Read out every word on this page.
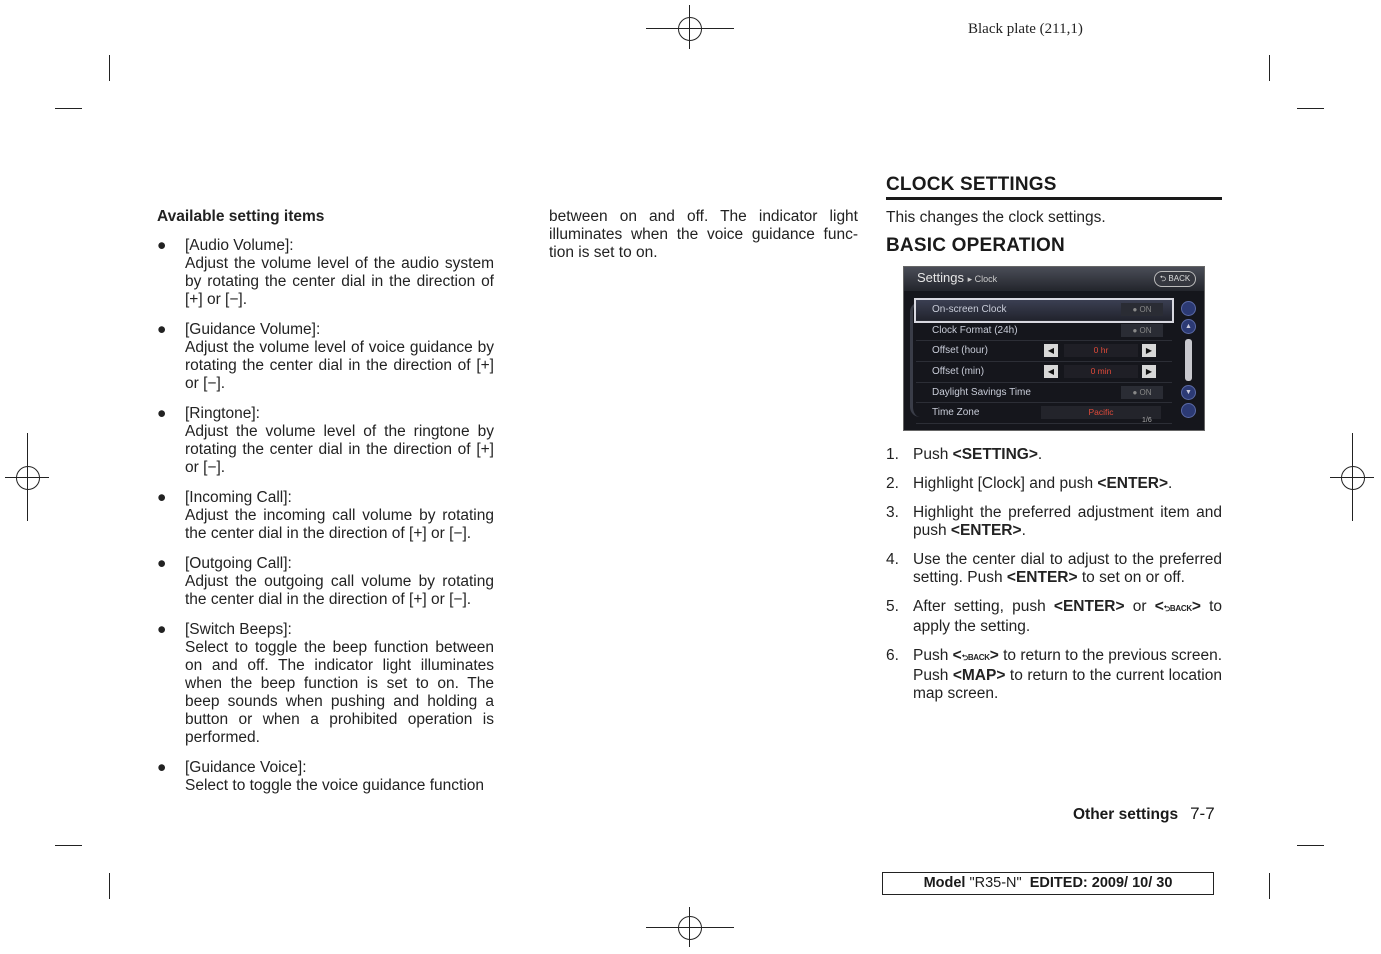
Black plate (211,1)
Available setting items
● [Audio Volume]:
Adjust the volume level of the audio system by rotating the center dial in the direction of [+] or [−].
● [Guidance Volume]:
Adjust the volume level of voice guidance by rotating the center dial in the direction of [+] or [−].
● [Ringtone]:
Adjust the volume level of the ringtone by rotating the center dial in the direction of [+] or [−].
● [Incoming Call]:
Adjust the incoming call volume by rotating the center dial in the direction of [+] or [−].
● [Outgoing Call]:
Adjust the outgoing call volume by rotating the center dial in the direction of [+] or [−].
● [Switch Beeps]:
Select to toggle the beep function between on and off. The indicator light illuminates when the beep function is set to on. The beep sounds when pushing and holding a button or when a prohibited operation is performed.
● [Guidance Voice]:
Select to toggle the voice guidance function
between on and off. The indicator light illuminates when the voice guidance func- tion is set to on.
CLOCK SETTINGS
This changes the clock settings.
BASIC OPERATION
1. Push <SETTING>.
2. Highlight [Clock] and push <ENTER>.
3. Highlight the preferred adjustment item and push <ENTER>.
4. Use the center dial to adjust to the preferred setting. Push <ENTER> to set on or off.
5. After setting, push <ENTER> or <⮌BACK> to apply the setting.
6. Push <⮌BACK> to return to the previous screen. Push <MAP> to return to the current location map screen.
Settings ▸ Clock	⮌ BACK
On-screen Clock	● ON
Clock Format (24h)	● ON
Offset (hour)	◀	0 hr	▶
Offset (min)	◀	0 min	▶
Daylight Savings Time	● ON
Time Zone	Pacific
▲
▼
1/6
Other settings 7-7
Model "R35-N" EDITED: 2009/ 10/ 30
